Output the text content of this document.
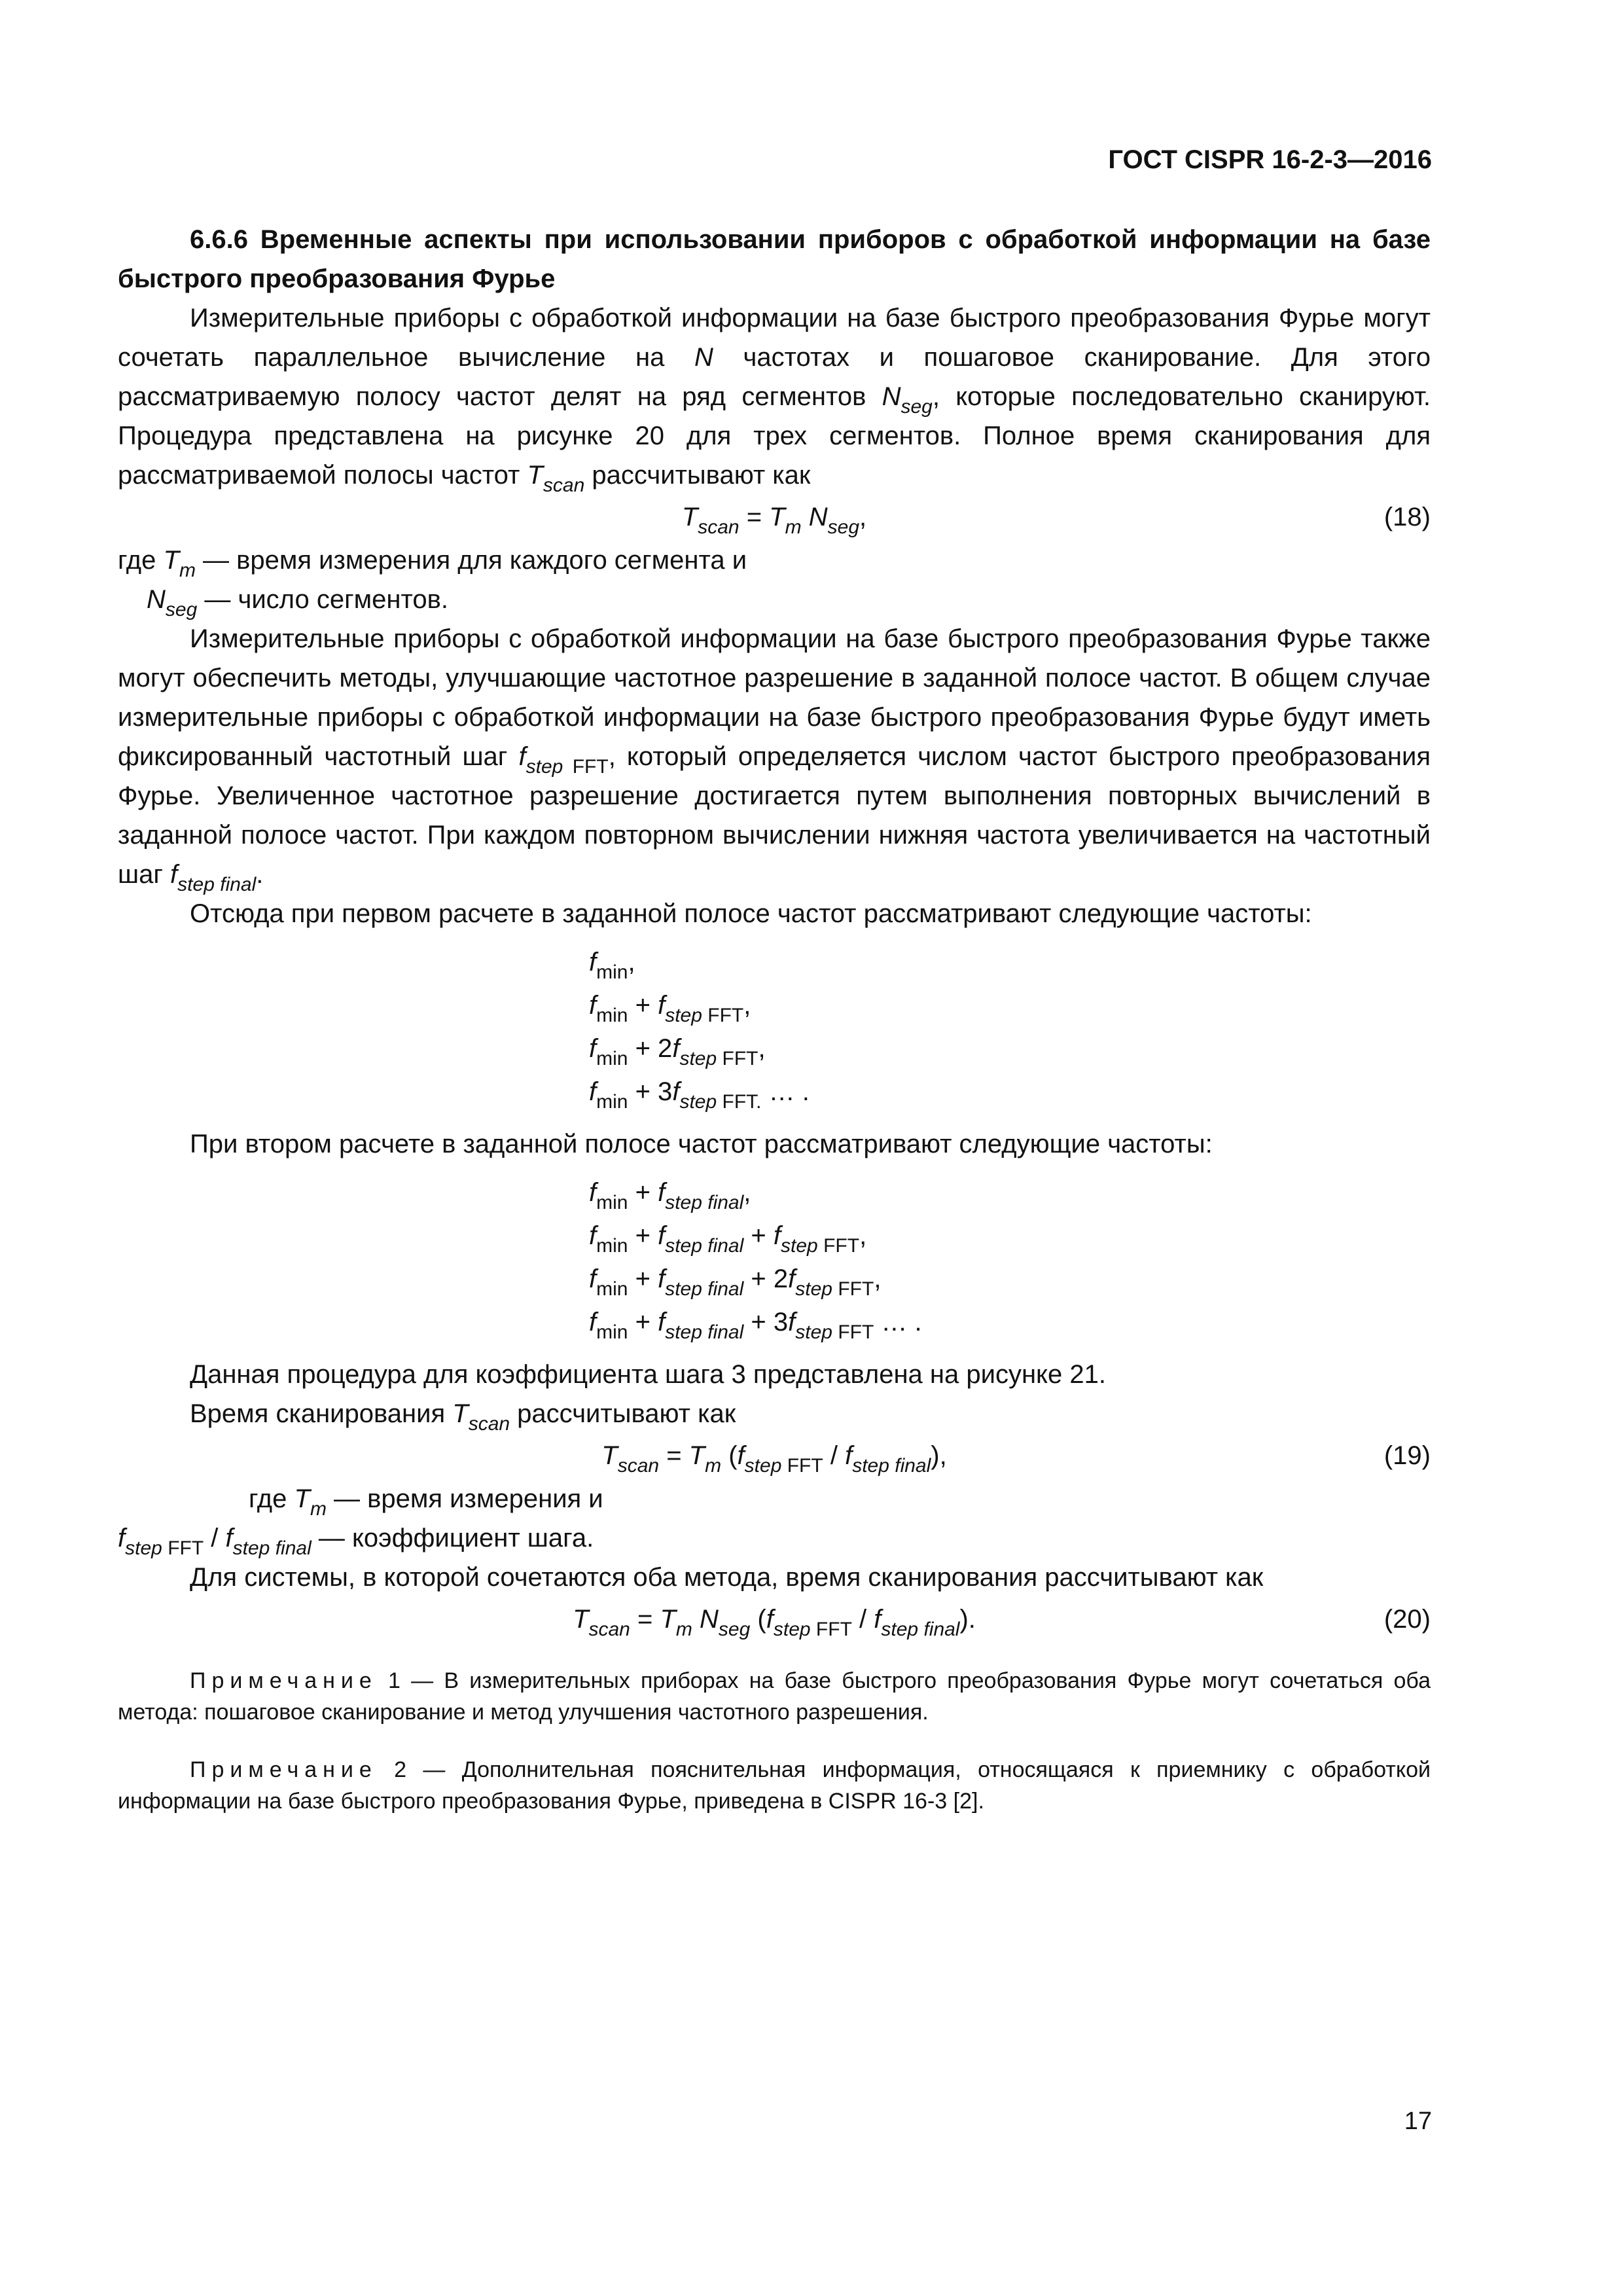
ГОСТ CISPR 16-2-3—2016

6.6.6 Временные аспекты при использовании приборов с обработкой информации на базе быстрого преобразования Фурье

Измерительные приборы с обработкой информации на базе быстрого преобразования Фурье могут сочетать параллельное вычисление на N частотах и пошаговое сканирование. Для этого рассматриваемую полосу частот делят на ряд сегментов $N_{seg}$, которые последовательно сканируют. Процедура представлена на рисунке 20 для трех сегментов. Полное время сканирования для рассматриваемой полосы частот $T_{scan}$ рассчитывают как

$T_{scan} = T_m$ $N_{seg}$,	(18)

где $T_m$ — время измерения для каждого сегмента и

$N_{seg}$ — число сегментов.

Измерительные приборы с обработкой информации на базе быстрого преобразования Фурье также могут обеспечить методы, улучшающие частотное разрешение в заданной полосе частот. В общем случае измерительные приборы с обработкой информации на базе быстрого преобразования Фурье будут иметь фиксированный частотный шаг $f_{step FFT}$, который определяется числом частот быстрого преобразования Фурье. Увеличенное частотное разрешение достигается путем выполнения повторных вычислений в заданной полосе частот. При каждом повторном вычислении нижняя частота увеличивается на частотный шаг $f_{step final}$.

Отсюда при первом расчете в заданной полосе частот рассматривают следующие частоты:

$f_{min}$,
$f_{min} + f_{step FFT}$,
$f_{min} + 2f_{step FFT}$,
$f_{min} + 3f_{step FFT.}$ … .

При втором расчете в заданной полосе частот рассматривают следующие частоты:

$f_{min} + f_{step final}$,
$f_{min} + f_{step final} + f_{step FFT}$,
$f_{min} + f_{step final} + 2f_{step FFT}$,
$f_{min} + f_{step final} + 3f_{step FFT}$ … .

Данная процедура для коэффициента шага 3 представлена на рисунке 21.

Время сканирования $T_{scan}$ рассчитывают как

$T_{scan} = T_m$ $(f_{step FFT} / f_{step final})$,	(19)

где $T_m$ — время измерения и

$f_{step FFT} / f_{step final}$ — коэффициент шага.

Для системы, в которой сочетаются оба метода, время сканирования рассчитывают как

$T_{scan} = T_m$ $N_{seg}$ $(f_{step FFT} / f_{step final})$.	(20)

Примечание 1 — В измерительных приборах на базе быстрого преобразования Фурье могут сочетаться оба метода: пошаговое сканирование и метод улучшения частотного разрешения.

Примечание 2 — Дополнительная пояснительная информация, относящаяся к приемнику с обработкой информации на базе быстрого преобразования Фурье, приведена в CISPR 16-3 [2].

17
